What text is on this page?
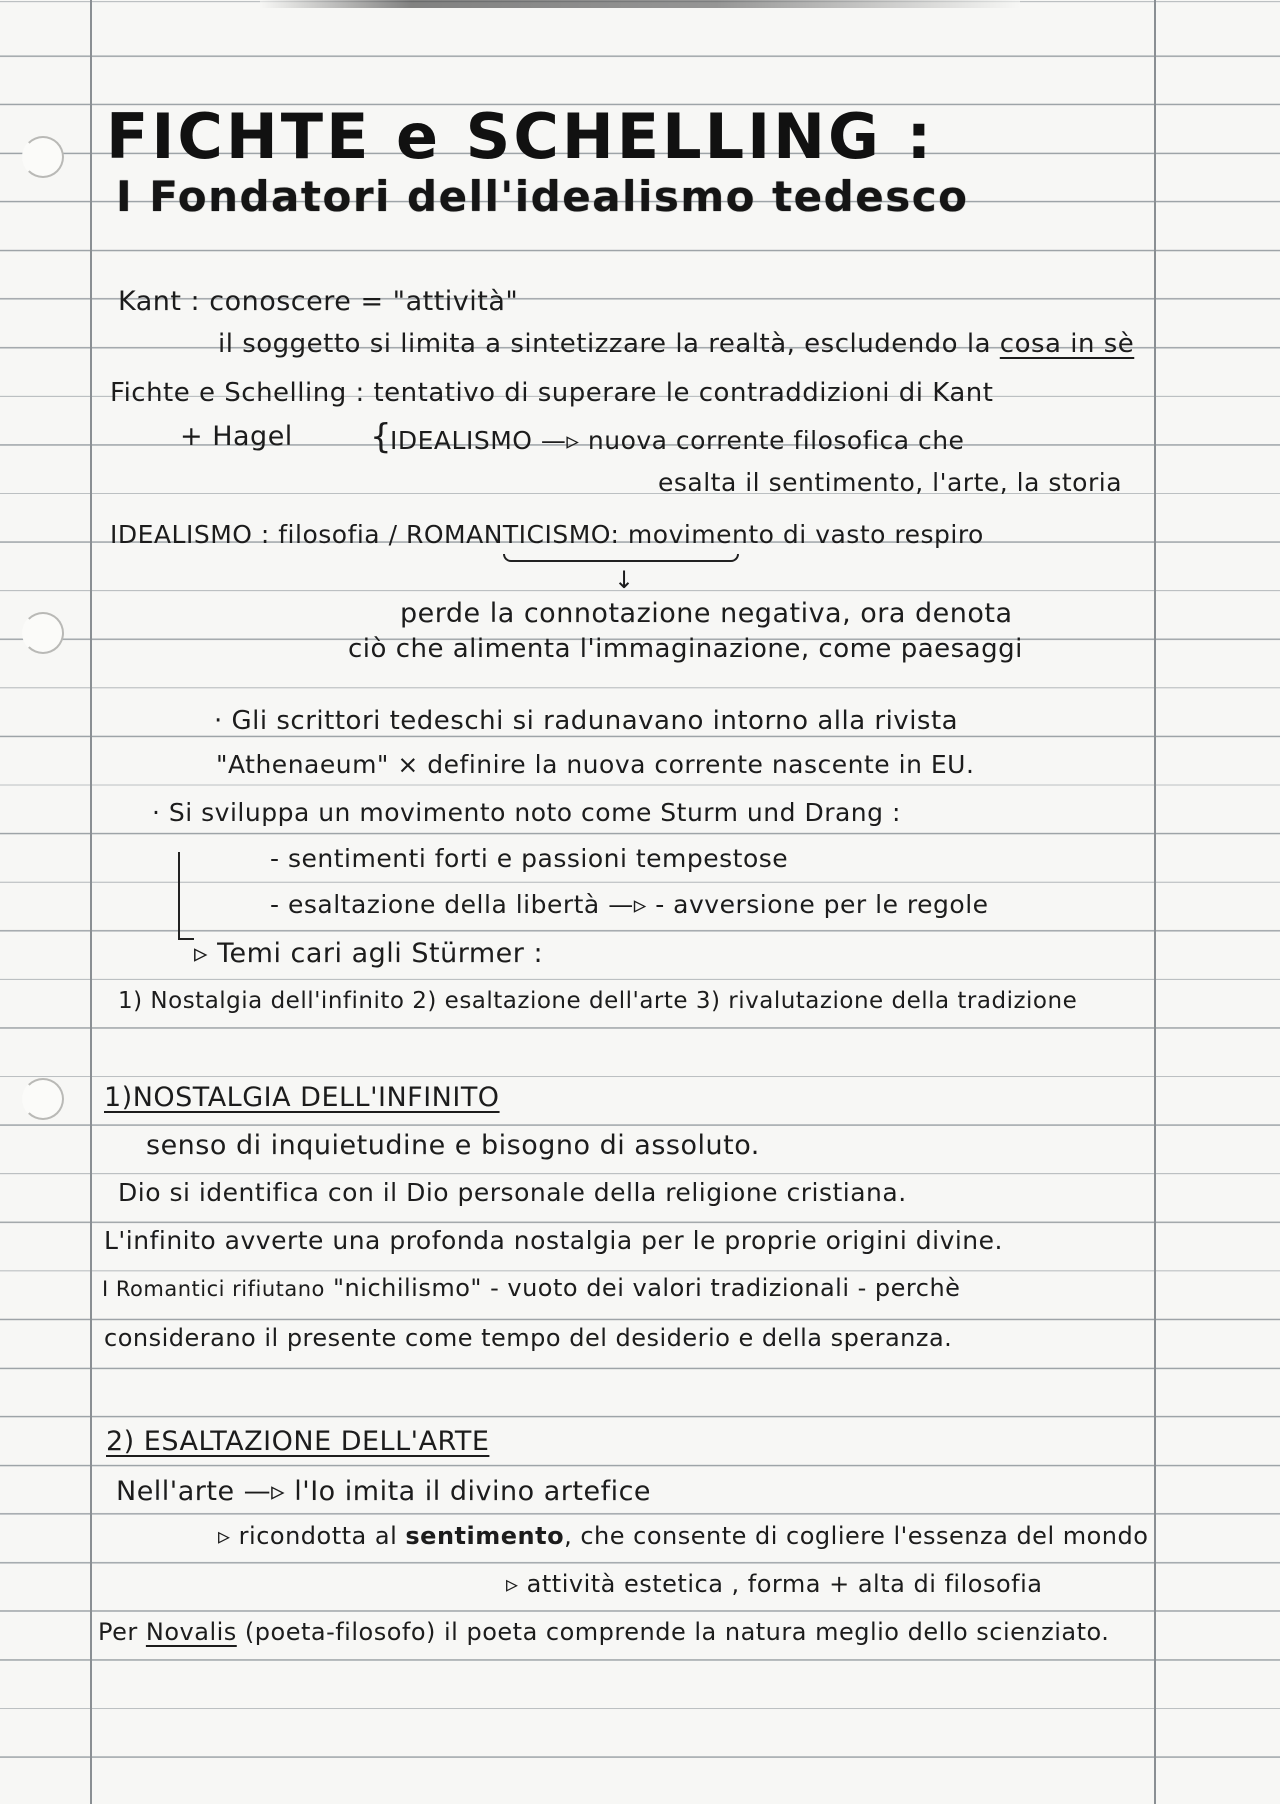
FICHTE e SCHELLING :
I Fondatori dell'idealismo tedesco
Kant : conoscere = "attività"
il soggetto si limita a sintetizzare la realtà, escludendo la cosa in sè
Fichte e Schelling : tentativo di superare le contraddizioni di Kant
+ Hagel {
IDEALISMO —▹ nuova corrente filosofica che
esalta il sentimento, l'arte, la storia
IDEALISMO : filosofia / ROMANTICISMO: movimento di vasto respiro
↓
perde la connotazione negativa, ora denota
ciò che alimenta l'immaginazione, come paesaggi
· Gli scrittori tedeschi si radunavano intorno alla rivista
"Athenaeum" × definire la nuova corrente nascente in EU.
· Si sviluppa un movimento noto come Sturm und Drang :
- sentimenti forti e passioni tempestose
- esaltazione della libertà —▹ - avversione per le regole
▹ Temi cari agli Stürmer :
1) Nostalgia dell'infinito 2) esaltazione dell'arte 3) rivalutazione della tradizione
1)NOSTALGIA DELL'INFINITO
senso di inquietudine e bisogno di assoluto.
Dio si identifica con il Dio personale della religione cristiana.
L'infinito avverte una profonda nostalgia per le proprie origini divine.
I Romantici rifiutano "nichilismo" - vuoto dei valori tradizionali - perchè
considerano il presente come tempo del desiderio e della speranza.
2) ESALTAZIONE DELL'ARTE
Nell'arte —▹ l'Io imita il divino artefice
▹ ricondotta al sentimento, che consente di cogliere l'essenza del mondo
▹ attività estetica , forma + alta di filosofia
Per Novalis (poeta-filosofo) il poeta comprende la natura meglio dello scienziato.
